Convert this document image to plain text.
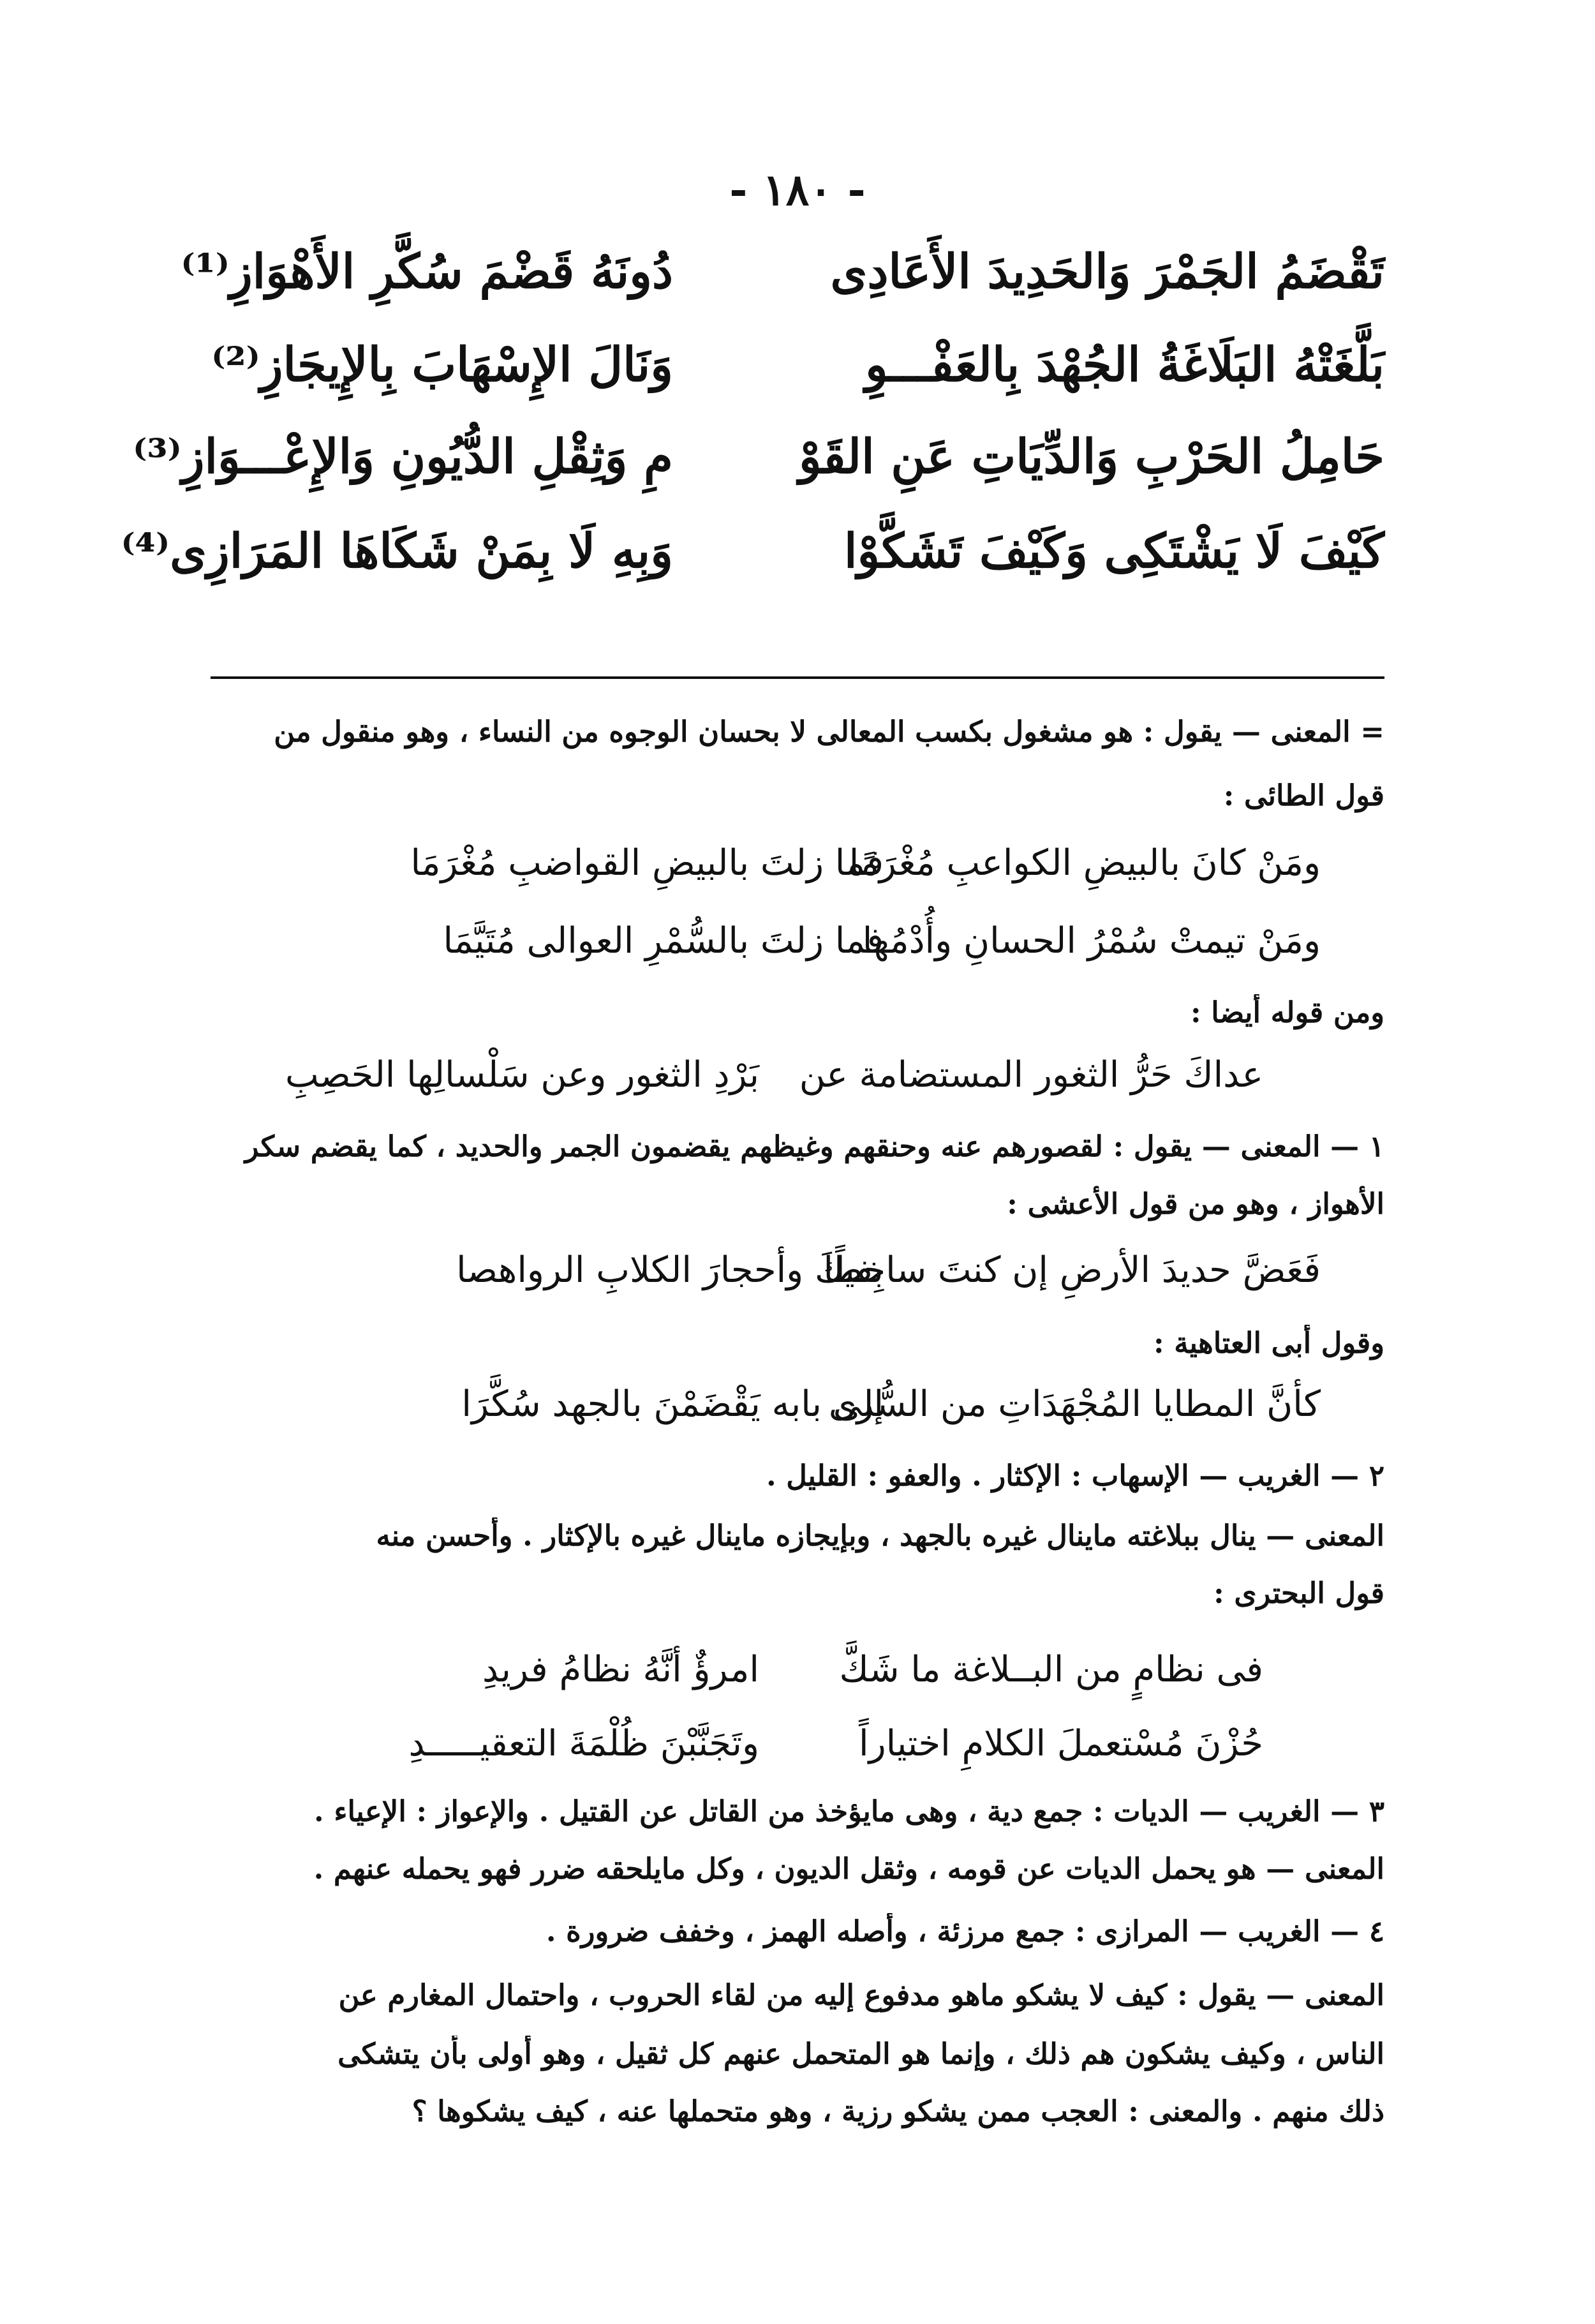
- ١٨٠ -
تَقْضَمُ الجَمْرَ وَالحَدِيدَ الأَعَادِى
دُونَهُ قَضْمَ سُكَّرِ الأَهْوَازِ⁽¹⁾
بَلَّغَتْهُ البَلَاغَةُ الجُهْدَ بِالعَفْـــوِ
وَنَالَ الإِسْهَابَ بِالإِيجَازِ⁽²⁾
حَامِلُ الحَرْبِ وَالدِّيَاتِ عَنِ القَوْ
مِ وَثِقْلِ الدُّيُونِ وَالإِعْـــوَازِ⁽³⁾
كَيْفَ لَا يَشْتَكِى وَكَيْفَ تَشَكَّوْا
وَبِهِ لَا بِمَنْ شَكَاهَا المَرَازِى⁽⁴⁾
= المعنى — يقول : هو مشغول بكسب المعالى لا بحسان الوجوه من النساء ، وهو منقول من
قول الطائى :
ومَنْ كانَ بالبيضِ الكواعبِ مُغْرَمًا
فما زلتَ بالبيضِ القواضبِ مُغْرَمَا
ومَنْ تيمتْ سُمْرُ الحسانِ وأُدْمُها
فما زلتَ بالسُّمْرِ العوالى مُتَيَّمَا
ومن قوله أيضا :
عداكَ حَرُّ الثغور المستضامة عن
بَرْدِ الثغور وعن سَلْسالِها الحَصِبِ
١ — المعنى — يقول : لقصورهم عنه وحنقهم وغيظهم يقضمون الجمر والحديد ، كما يقضم سكر
الأهواز ، وهو من قول الأعشى :
فَعَضَّ حديدَ الأرضِ إن كنتَ ساخطًا
بِفيكَ وأحجارَ الكلابِ الرواهصا
وقول أبى العتاهية :
كأنَّ المطايا المُجْهَدَاتِ من السُّرى
إلى بابه يَقْضَمْنَ بالجهد سُكَّرَا
٢ — الغريب — الإسهاب : الإكثار . والعفو : القليل .
المعنى — ينال ببلاغته ماينال غيره بالجهد ، وبإيجازه ماينال غيره بالإكثار . وأحسن منه
قول البحترى :
فى نظامٍ من البــلاغة ما شَكَّ
امرؤٌ أنَّهُ نظامُ فريدِ
حُزْنَ مُسْتعملَ الكلامِ اختياراً
وتَجَنَّبْنَ ظُلْمَةَ التعقيـــــدِ
٣ — الغريب — الديات : جمع دية ، وهى مايؤخذ من القاتل عن القتيل . والإعواز : الإعياء .
المعنى — هو يحمل الديات عن قومه ، وثقل الديون ، وكل مايلحقه ضرر فهو يحمله عنهم .
٤ — الغريب — المرازى : جمع مرزئة ، وأصله الهمز ، وخفف ضرورة .
المعنى — يقول : كيف لا يشكو ماهو مدفوع إليه من لقاء الحروب ، واحتمال المغارم عن
الناس ، وكيف يشكون هم ذلك ، وإنما هو المتحمل عنهم كل ثقيل ، وهو أولى بأن يتشكى
ذلك منهم . والمعنى : العجب ممن يشكو رزية ، وهو متحملها عنه ، كيف يشكوها ؟
